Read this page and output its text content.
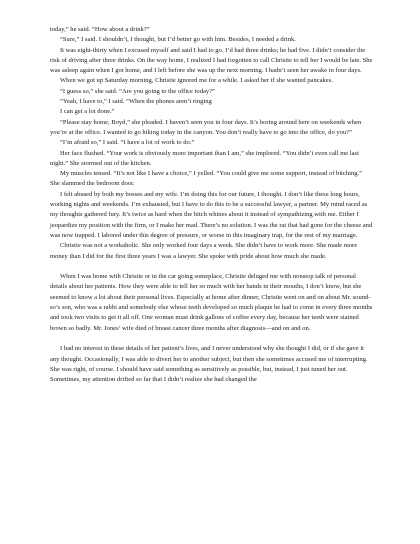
today,” he said. “How about a drink?”

“Sure,” I said. I shouldn’t, I thought, but I’d better go with him. Besides, I needed a drink.

It was eight-thirty when I excused myself and said I had to go. I’d had three drinks; he had five. I didn’t consider the risk of driving after three drinks. On the way home, I realized I had forgotten to call Christie to tell her I would be late. She was asleep again when I got home, and I left before she was up the next morning. I hadn’t seen her awake in four days.

When we got up Saturday morning, Christie ignored me for a while. I asked her if she wanted pancakes.

“I guess so,” she said. “Are you going to the office today?”

“Yeah, I have to,” I said. “When the phones aren’t ringing

I can get a lot done.”

“Please stay home, Boyd,” she pleaded. I haven’t seen you in four days. It’s boring around here on weekends when you’re at the office. I wanted to go hiking today in the canyon. You don’t really have to go into the office, do you?”

“I’m afraid so,” I said. “I have a lot of work to do.”

Her face flushed. “Your work is obviously more important than I am,” she implored. “You didn’t even call me last night.” She stormed out of the kitchen.

My muscles tensed. “It’s not like I have a choice,” I yelled. “You could give me some support, instead of bitching.” She slammed the bedroom door.

I felt abused by both my bosses and my wife. I’m doing this for our future, I thought. I don’t like these long hours, working nights and weekends. I’m exhausted, but I have to do this to be a successful lawyer, a partner. My mind raced as my thoughts gathered fury. It’s twice as hard when the bitch whines about it instead of sympathizing with me. Either I jeopardize my position with the firm, or I make her mad. There’s no solution. I was the rat that had gone for the cheese and was now trapped. I labored under this degree of pressure, or worse in this imaginary trap, for the rest of my marriage.

Christie was not a workaholic. She only worked four days a week. She didn’t have to work more. She made more money than I did for the first three years I was a lawyer. She spoke with pride about how much she made.

When I was home with Christie or in the car going someplace, Christie deluged me with nonstop talk of personal details about her patients. How they were able to tell her so much with her hands in their mouths, I don’t know, but she seemed to know a lot about their personal lives. Especially at home after dinner, Christie went on and on about Mr. sound-so’s son, who was a rabbi and somebody else whose teeth developed so much plaque he had to come in every three months and took two visits to get it all off. One woman must drink gallons of coffee every day, because her teeth were stained brown so badly. Mr. Jones’ wife died of breast cancer three months after diagnosis—and on and on.

I had no interest in these details of her patient’s lives, and I never understood why she thought I did, or if she gave it any thought. Occasionally, I was able to divert her to another subject, but then she sometimes accused me of interrupting. She was right, of course. I should have said something as sensitively as possible, but, instead, I just tuned her out. Sometimes, my attention drifted so far that I didn’t realize she had changed the
